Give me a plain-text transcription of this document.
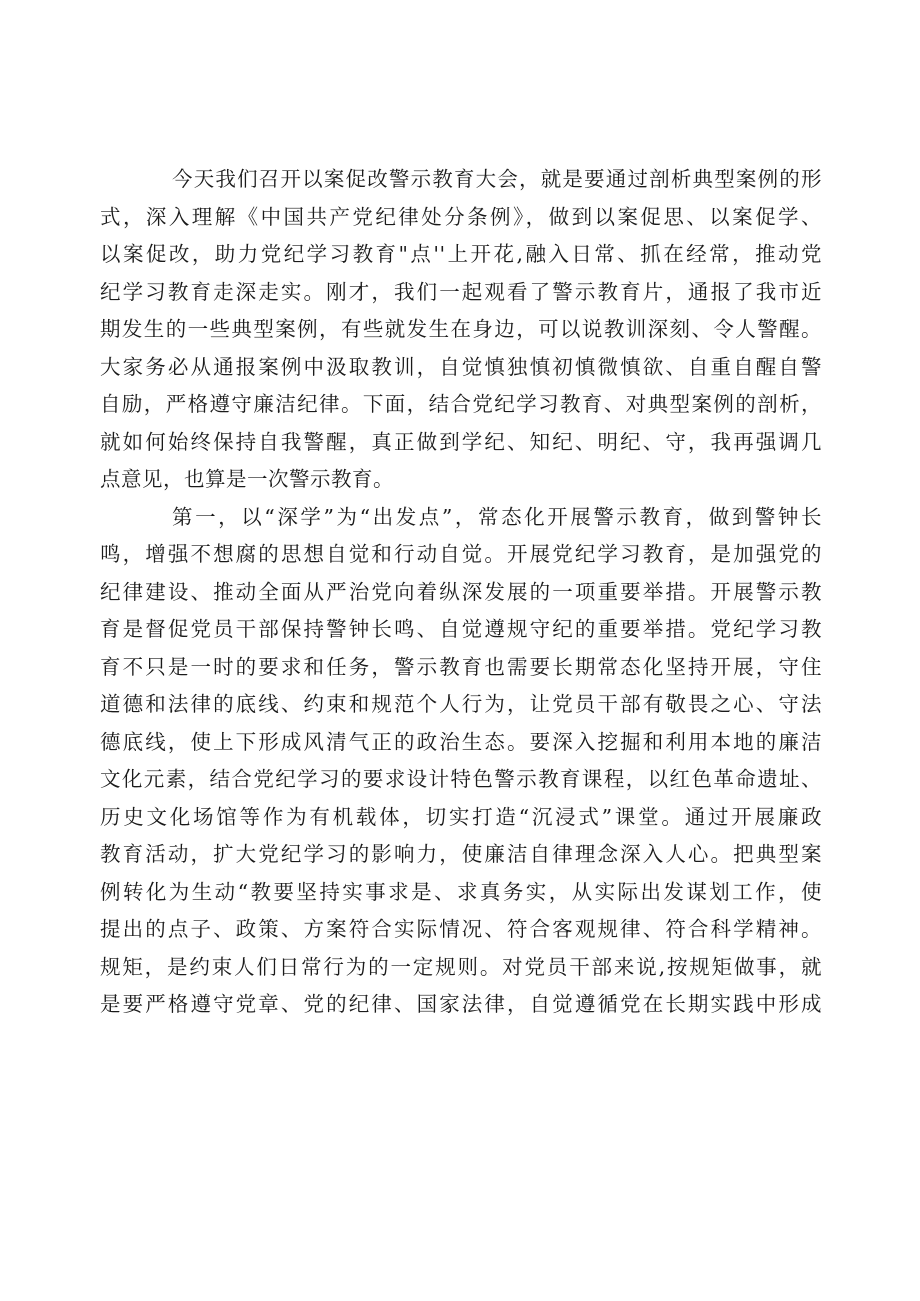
今天我们召开以案促改警示教育大会，就是要通过剖析典型案例的形
式，深入理解《中国共产党纪律处分条例》，做到以案促思、以案促学、
以案促改，助力党纪学习教育"点''上开花,融入日常、抓在经常，推动党
纪学习教育走深走实。刚才，我们一起观看了警示教育片，通报了我市近
期发生的一些典型案例，有些就发生在身边，可以说教训深刻、令人警醒。
大家务必从通报案例中汲取教训，自觉慎独慎初慎微慎欲、自重自醒自警
自励，严格遵守廉洁纪律。下面，结合党纪学习教育、对典型案例的剖析，
就如何始终保持自我警醒，真正做到学纪、知纪、明纪、守，我再强调几
点意见，也算是一次警示教育。
第一，以“深学”为“出发点”，常态化开展警示教育，做到警钟长
鸣，增强不想腐的思想自觉和行动自觉。开展党纪学习教育，是加强党的
纪律建设、推动全面从严治党向着纵深发展的一项重要举措。开展警示教
育是督促党员干部保持警钟长鸣、自觉遵规守纪的重要举措。党纪学习教
育不只是一时的要求和任务，警示教育也需要长期常态化坚持开展，守住
道德和法律的底线、约束和规范个人行为，让党员干部有敬畏之心、守法
德底线，使上下形成风清气正的政治生态。要深入挖掘和利用本地的廉洁
文化元素，结合党纪学习的要求设计特色警示教育课程，以红色革命遗址、
历史文化场馆等作为有机载体，切实打造“沉浸式”课堂。通过开展廉政
教育活动，扩大党纪学习的影响力，使廉洁自律理念深入人心。把典型案
例转化为生动“教要坚持实事求是、求真务实，从实际出发谋划工作，使
提出的点子、政策、方案符合实际情况、符合客观规律、符合科学精神。
规矩，是约束人们日常行为的一定规则。对党员干部来说,按规矩做事，就
是要严格遵守党章、党的纪律、国家法律，自觉遵循党在长期实践中形成
